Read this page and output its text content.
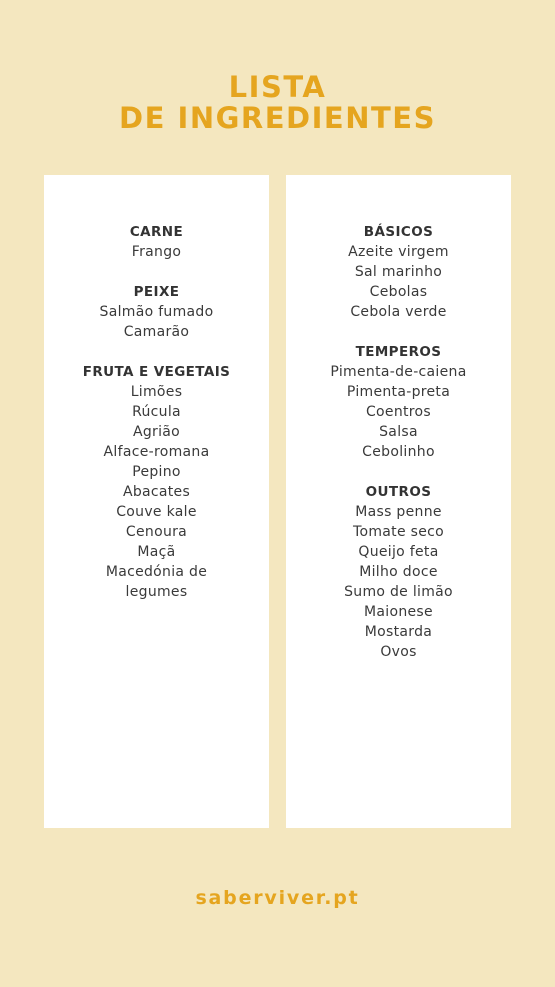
LISTA
DE INGREDIENTES
CARNE
Frango
PEIXE
Salmão fumado
Camarão
FRUTA E VEGETAIS
Limões
Rúcula
Agrião
Alface-romana
Pepino
Abacates
Couve kale
Cenoura
Maçã
Macedónia de legumes
BÁSICOS
Azeite virgem
Sal marinho
Cebolas
Cebola verde
TEMPEROS
Pimenta-de-caiena
Pimenta-preta
Coentros
Salsa
Cebolinho
OUTROS
Mass penne
Tomate seco
Queijo feta
Milho doce
Sumo de limão
Maionese
Mostarda
Ovos
saberviver.pt
